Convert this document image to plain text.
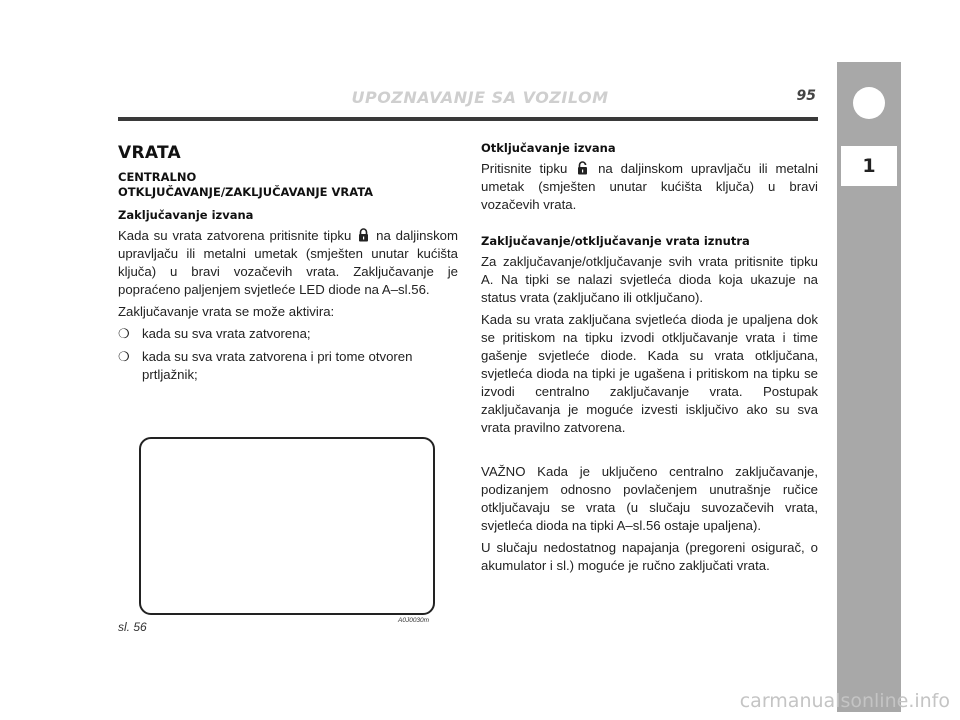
UPOZNAVANJE SA VOZILOM	95
1
VRATA
CENTRALNO
OTKLJUČAVANJE/ZAKLJUČAVANJE VRATA
Zaključavanje izvana

Kada su vrata zatvorena pritisnite tipku na daljinskom upravljaču ili metalni umetak (smješten unutar kućišta ključa) u bravi vozačevih vrata. Zaključavanje je popraćeno paljenjem svjetleće LED diode na A–sl.56.

Zaključavanje vrata se može aktivira:

❍ kada su sva vrata zatvorena;
❍ kada su sva vrata zatvorena i pri tome otvoren prtljažnik;
sl. 56	A0J0030m
Otključavanje izvana

Pritisnite tipku na daljinskom upravljaču ili metalni umetak (smješten unutar kućišta ključa) u bravi vozačevih vrata.

Zaključavanje/otključavanje vrata iznutra

Za zaključavanje/otključavanje svih vrata pritisnite tipku A. Na tipki se nalazi svjetleća dioda koja ukazuje na status vrata (zaključano ili otključano).

Kada su vrata zaključana svjetleća dioda je upaljena dok se pritiskom na tipku izvodi otključavanje vrata i time gašenje svjetleće diode. Kada su vrata otključana, svjetleća dioda na tipki je ugašena i pritiskom na tipku se izvodi centralno zaključavanje vrata. Postupak zaključavanja je moguće izvesti isključivo ako su sva vrata pravilno zatvorena.

VAŽNO Kada je uključeno centralno zaključavanje, podizanjem odnosno povlačenjem unutrašnje ručice otključavaju se vrata (u slučaju suvozačevih vrata, svjetleća dioda na tipki A–sl.56 ostaje upaljena).

U slučaju nedostatnog napajanja (pregoreni osigurač, o akumulator i sl.) moguće je ručno zaključati vrata.

carmanualsonline.info
